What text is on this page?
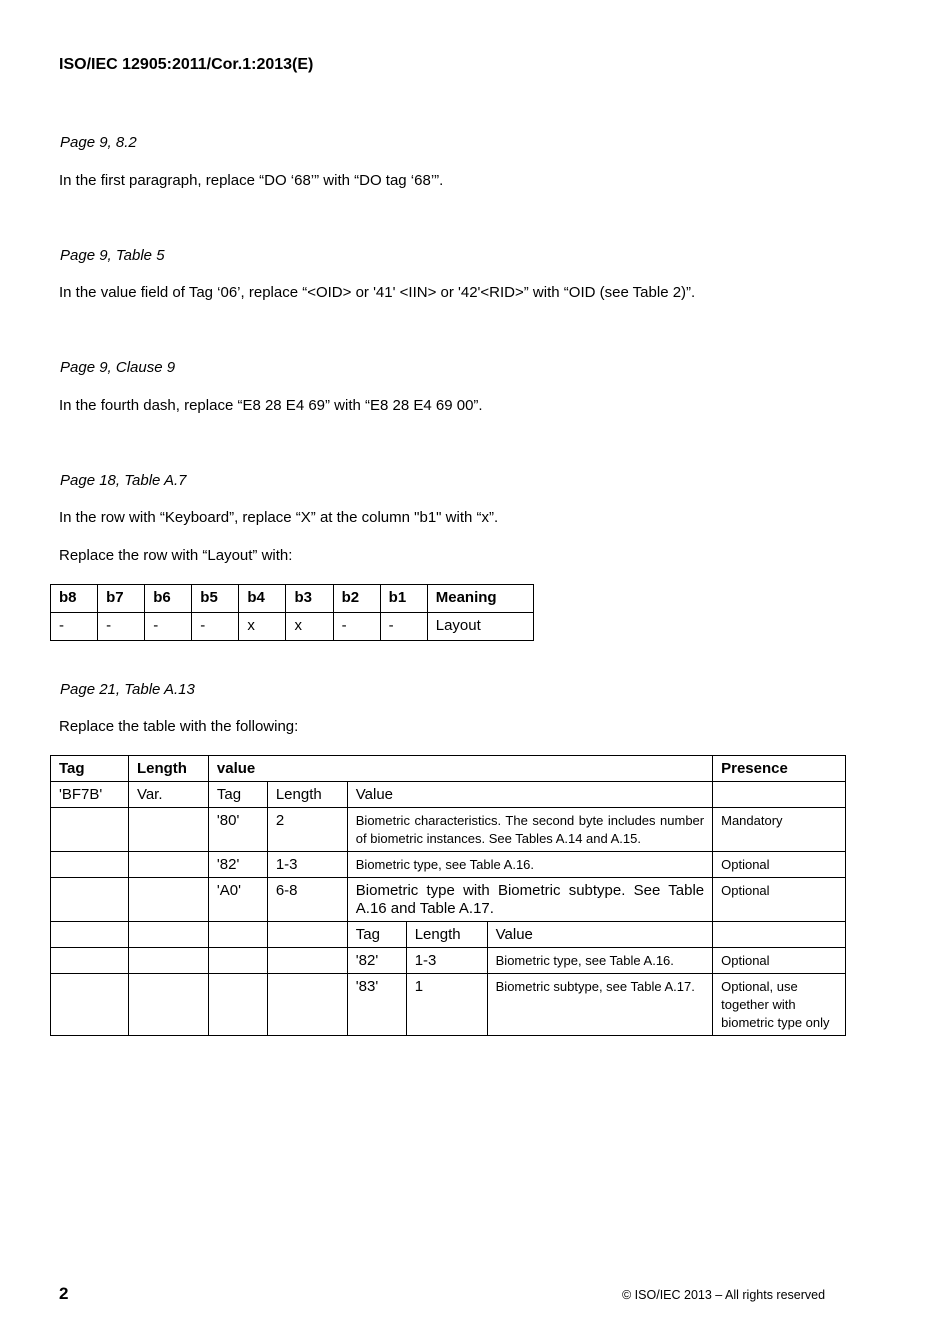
ISO/IEC 12905:2011/Cor.1:2013(E)
Page 9, 8.2
In the first paragraph, replace “DO ‘68’” with “DO tag ‘68’”.
Page 9, Table 5
In the value field of Tag ‘06’, replace “<OID> or '41' <IIN> or '42'<RID>” with “OID (see Table 2)”.
Page 9, Clause 9
In the fourth dash, replace “E8 28 E4 69” with “E8 28 E4 69 00”.
Page 18, Table A.7
In the row with “Keyboard”, replace “X” at the column "b1" with “x”.
Replace the row with “Layout” with:
b8	b7	b6	b5	b4	b3	b2	b1	Meaning
-	-	-	-	x	x	-	-	Layout
Page 21, Table A.13
Replace the table with the following:
Tag	Length	value					Presence
'BF7B'	Var.	Tag	Length	Value			
		'80'	2	Biometric characteristics. The second byte includes number of biometric instances. See Tables A.14 and A.15.			Mandatory
		'82'	1-3	Biometric type, see Table A.16.			Optional
		'A0'	6-8	Biometric type with Biometric subtype. See Table A.16 and Table A.17.			Optional
				Tag	Length	Value	
				'82'	1-3	Biometric type, see Table A.16.	Optional
				'83'	1	Biometric subtype, see Table A.17.	Optional, use together with biometric type only
2	© ISO/IEC 2013 – All rights reserved
